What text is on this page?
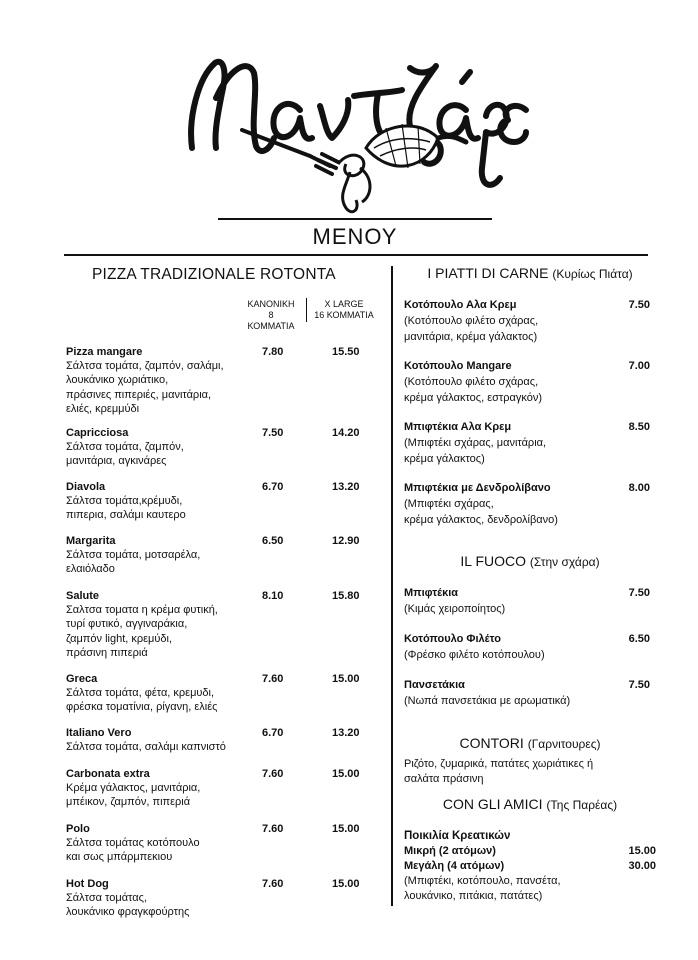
ΜΕΝΟΥ
PIZZA TRADIZIONALE ROTONTA
ΚΑΝΟΝΙΚΗ
8 ΚΟΜΜΑΤΙΑ
X LARGE
16 ΚΟΜΜΑΤΙΑ
Pizza mangare
Σάλτσα τομάτα, ζαμπόν, σαλάμι,
λουκάνικο χωριάτικο,
πράσινες πιπεριές, μανιτάρια,
ελιές, κρεμμύδι
7.80	15.50
Capricciosa
Σάλτσα τομάτα, ζαμπόν,
μανιτάρια, αγκινάρες
7.50	14.20
Diavola
Σάλτσα τομάτα,κρέμυδι,
πιπερια, σαλάμι καυτερο
6.70	13.20
Margarita
Σάλτσα τομάτα, μοτσαρέλα,
ελαιόλαδο
6.50	12.90
Salute
Σαλτσα τοματα η κρέμα φυτική,
τυρί φυτικό, αγγιναράκια,
ζαμπόν light, κρεμύδι,
πράσινη πιπεριά
8.10	15.80
Greca
Σάλτσα τομάτα, φέτα, κρεμυδι,
φρέσκα τοματίνια, ρίγανη, ελιές
7.60	15.00
Italiano Vero
Σάλτσα τομάτα, σαλάμι καπνιστό
6.70	13.20
Carbonata extra
Κρέμα γάλακτος, μανιτάρια,
μπέικον, ζαμπόν, πιπεριά
7.60	15.00
Polo
Σάλτσα τομάτας κοτόπουλο
και σως μπάρμπεκιου
7.60	15.00
Hot Dog
Σάλτσα τομάτας,
λουκάνικο φραγκφούρτης
7.60	15.00
I PIATTI DI CARNE (Κυρίως Πιάτα)
Κοτόπουλο Αλα Κρεμ
(Κοτόπουλο φιλέτο σχάρας,
μανιτάρια, κρέμα γάλακτος)
7.50
Κοτόπουλο Mangare
(Κοτόπουλο φιλέτο σχάρας,
κρέμα γάλακτος, εστραγκόν)
7.00
Μπιφτέκια Αλα Κρεμ
(Μπιφτέκι σχάρας, μανιτάρια,
κρέμα γάλακτος)
8.50
Μπιφτέκια με Δενδρολίβανο
(Μπιφτέκι σχάρας,
κρέμα γάλακτος, δενδρολίβανο)
8.00
IL FUOCO (Στην σχάρα)
Μπιφτέκια
(Κιμάς χειροποίητος)
7.50
Κοτόπουλο Φιλέτο
(Φρέσκο φιλέτο κοτόπουλου)
6.50
Πανσετάκια
(Νωπά πανσετάκια με αρωματικά)
7.50
CONTORI (Γαρνιτουρες)
Ριζότο, ζυμαρικά, πατάτες χωριάτικες ή
σαλάτα πράσινη
CON GLI AMICI (Της Παρέας)
Ποικιλία Κρεατικών
Μικρή (2 ατόμων)	15.00
Μεγάλη (4 ατόμων)	30.00
(Μπιφτέκι, κοτόπουλο, πανσέτα,
λουκάνικο, πιτάκια, πατάτες)
